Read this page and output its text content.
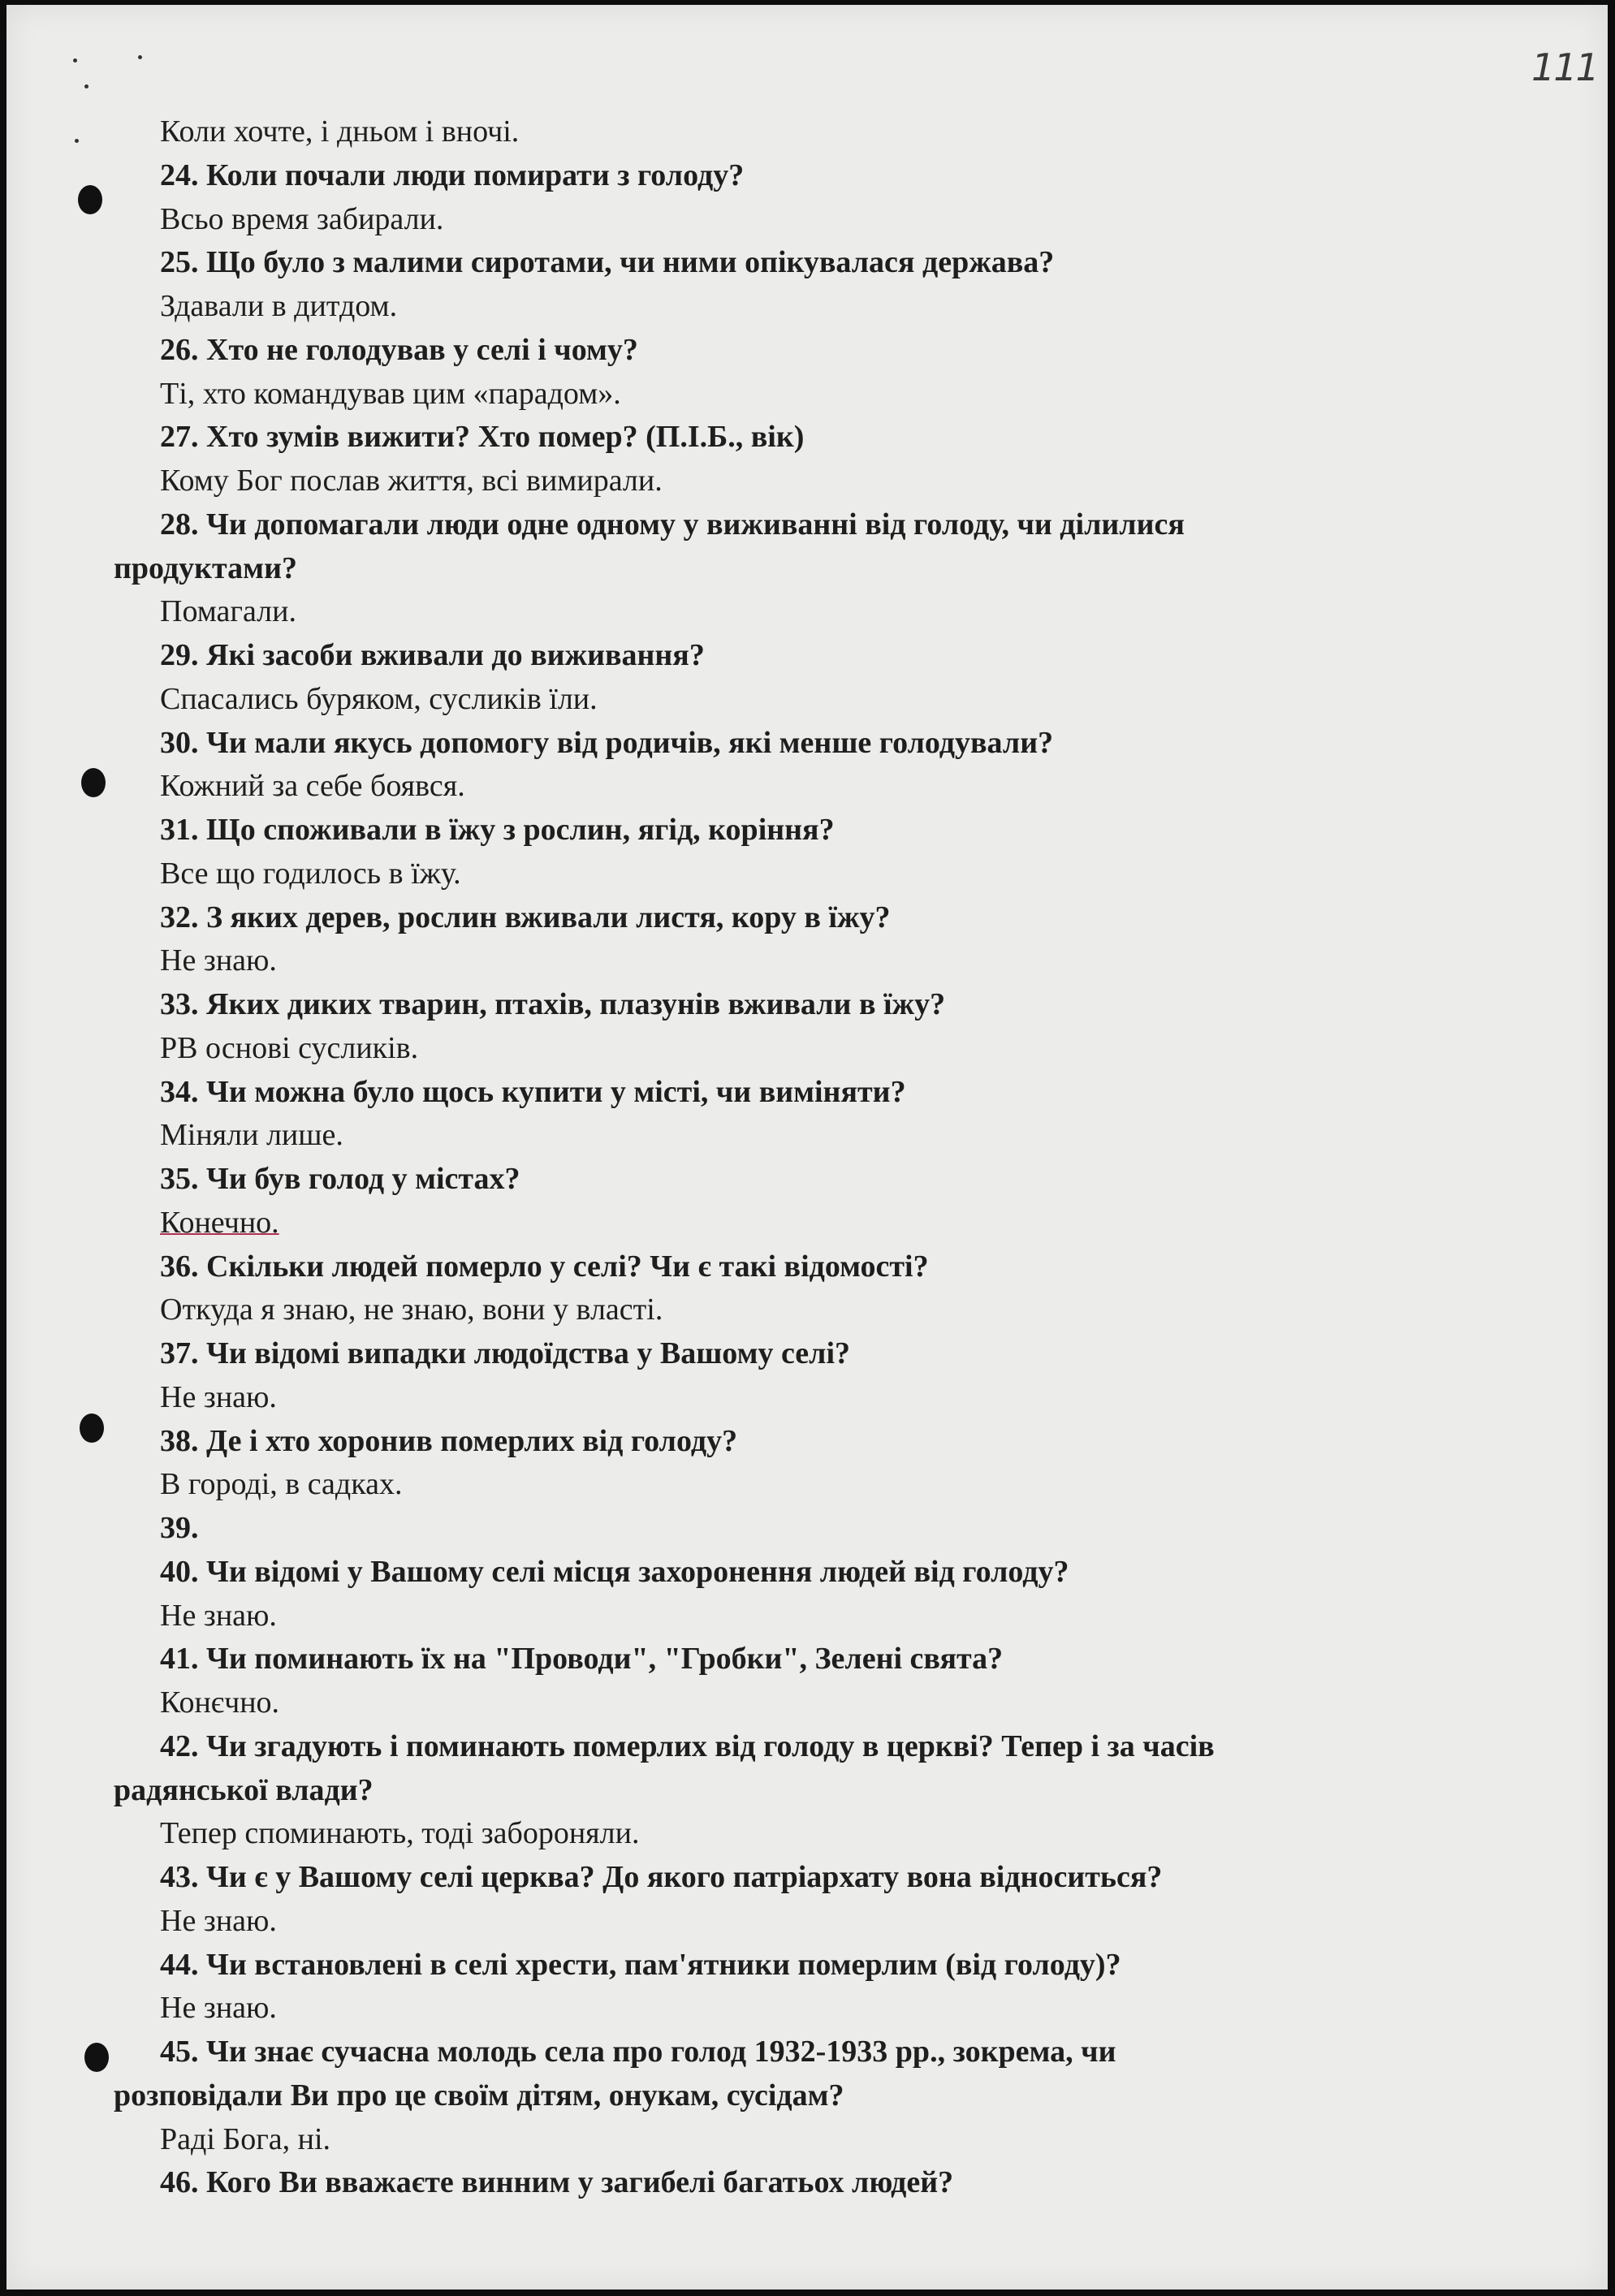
111
Коли хочте, і дньом і вночі.
24. Коли почали люди помирати з голоду?
Всьо время забирали.
25. Що було з малими сиротами, чи ними опікувалася держава?
Здавали в дитдом.
26. Хто не голодував у селі і чому?
Ті, хто командував цим «парадом».
27. Хто зумів вижити? Хто помер? (П.І.Б., вік)
Кому Бог послав життя, всі вимирали.
28. Чи допомагали люди одне одному у виживанні від голоду, чи ділилися
продуктами?
Помагали.
29. Які засоби вживали до виживання?
Спасались буряком, сусликів їли.
30. Чи мали якусь допомогу від родичів, які менше голодували?
Кожний за себе боявся.
31. Що споживали в їжу з рослин, ягід, коріння?
Все що годилось в їжу.
32. З яких дерев, рослин вживали листя, кору в їжу?
Не знаю.
33. Яких диких тварин, птахів, плазунів вживали в їжу?
РВ основі сусликів.
34. Чи можна було щось купити у місті, чи виміняти?
Міняли лише.
35. Чи був голод у містах?
Конечно.
36. Скільки людей померло у селі? Чи є такі відомості?
Откуда я знаю, не знаю, вони у власті.
37. Чи відомі випадки людоїдства у Вашому селі?
Не знаю.
38. Де і хто хоронив померлих від голоду?
В городі, в садках.
39.
40. Чи відомі у Вашому селі місця захоронення людей від голоду?
Не знаю.
41. Чи поминають їх на "Проводи", "Гробки", Зелені свята?
Конєчно.
42. Чи згадують і поминають померлих від голоду в церкві? Тепер і за часів
радянської влади?
Тепер споминають, тоді забороняли.
43. Чи є у Вашому селі церква? До якого патріархату вона відноситься?
Не знаю.
44. Чи встановлені в селі хрести, пам'ятники померлим (від голоду)?
Не знаю.
45. Чи знає сучасна молодь села про голод 1932-1933 рр., зокрема, чи
розповідали Ви про це своїм дітям, онукам, сусідам?
Раді Бога, ні.
46. Кого Ви вважаєте винним у загибелі багатьох людей?
